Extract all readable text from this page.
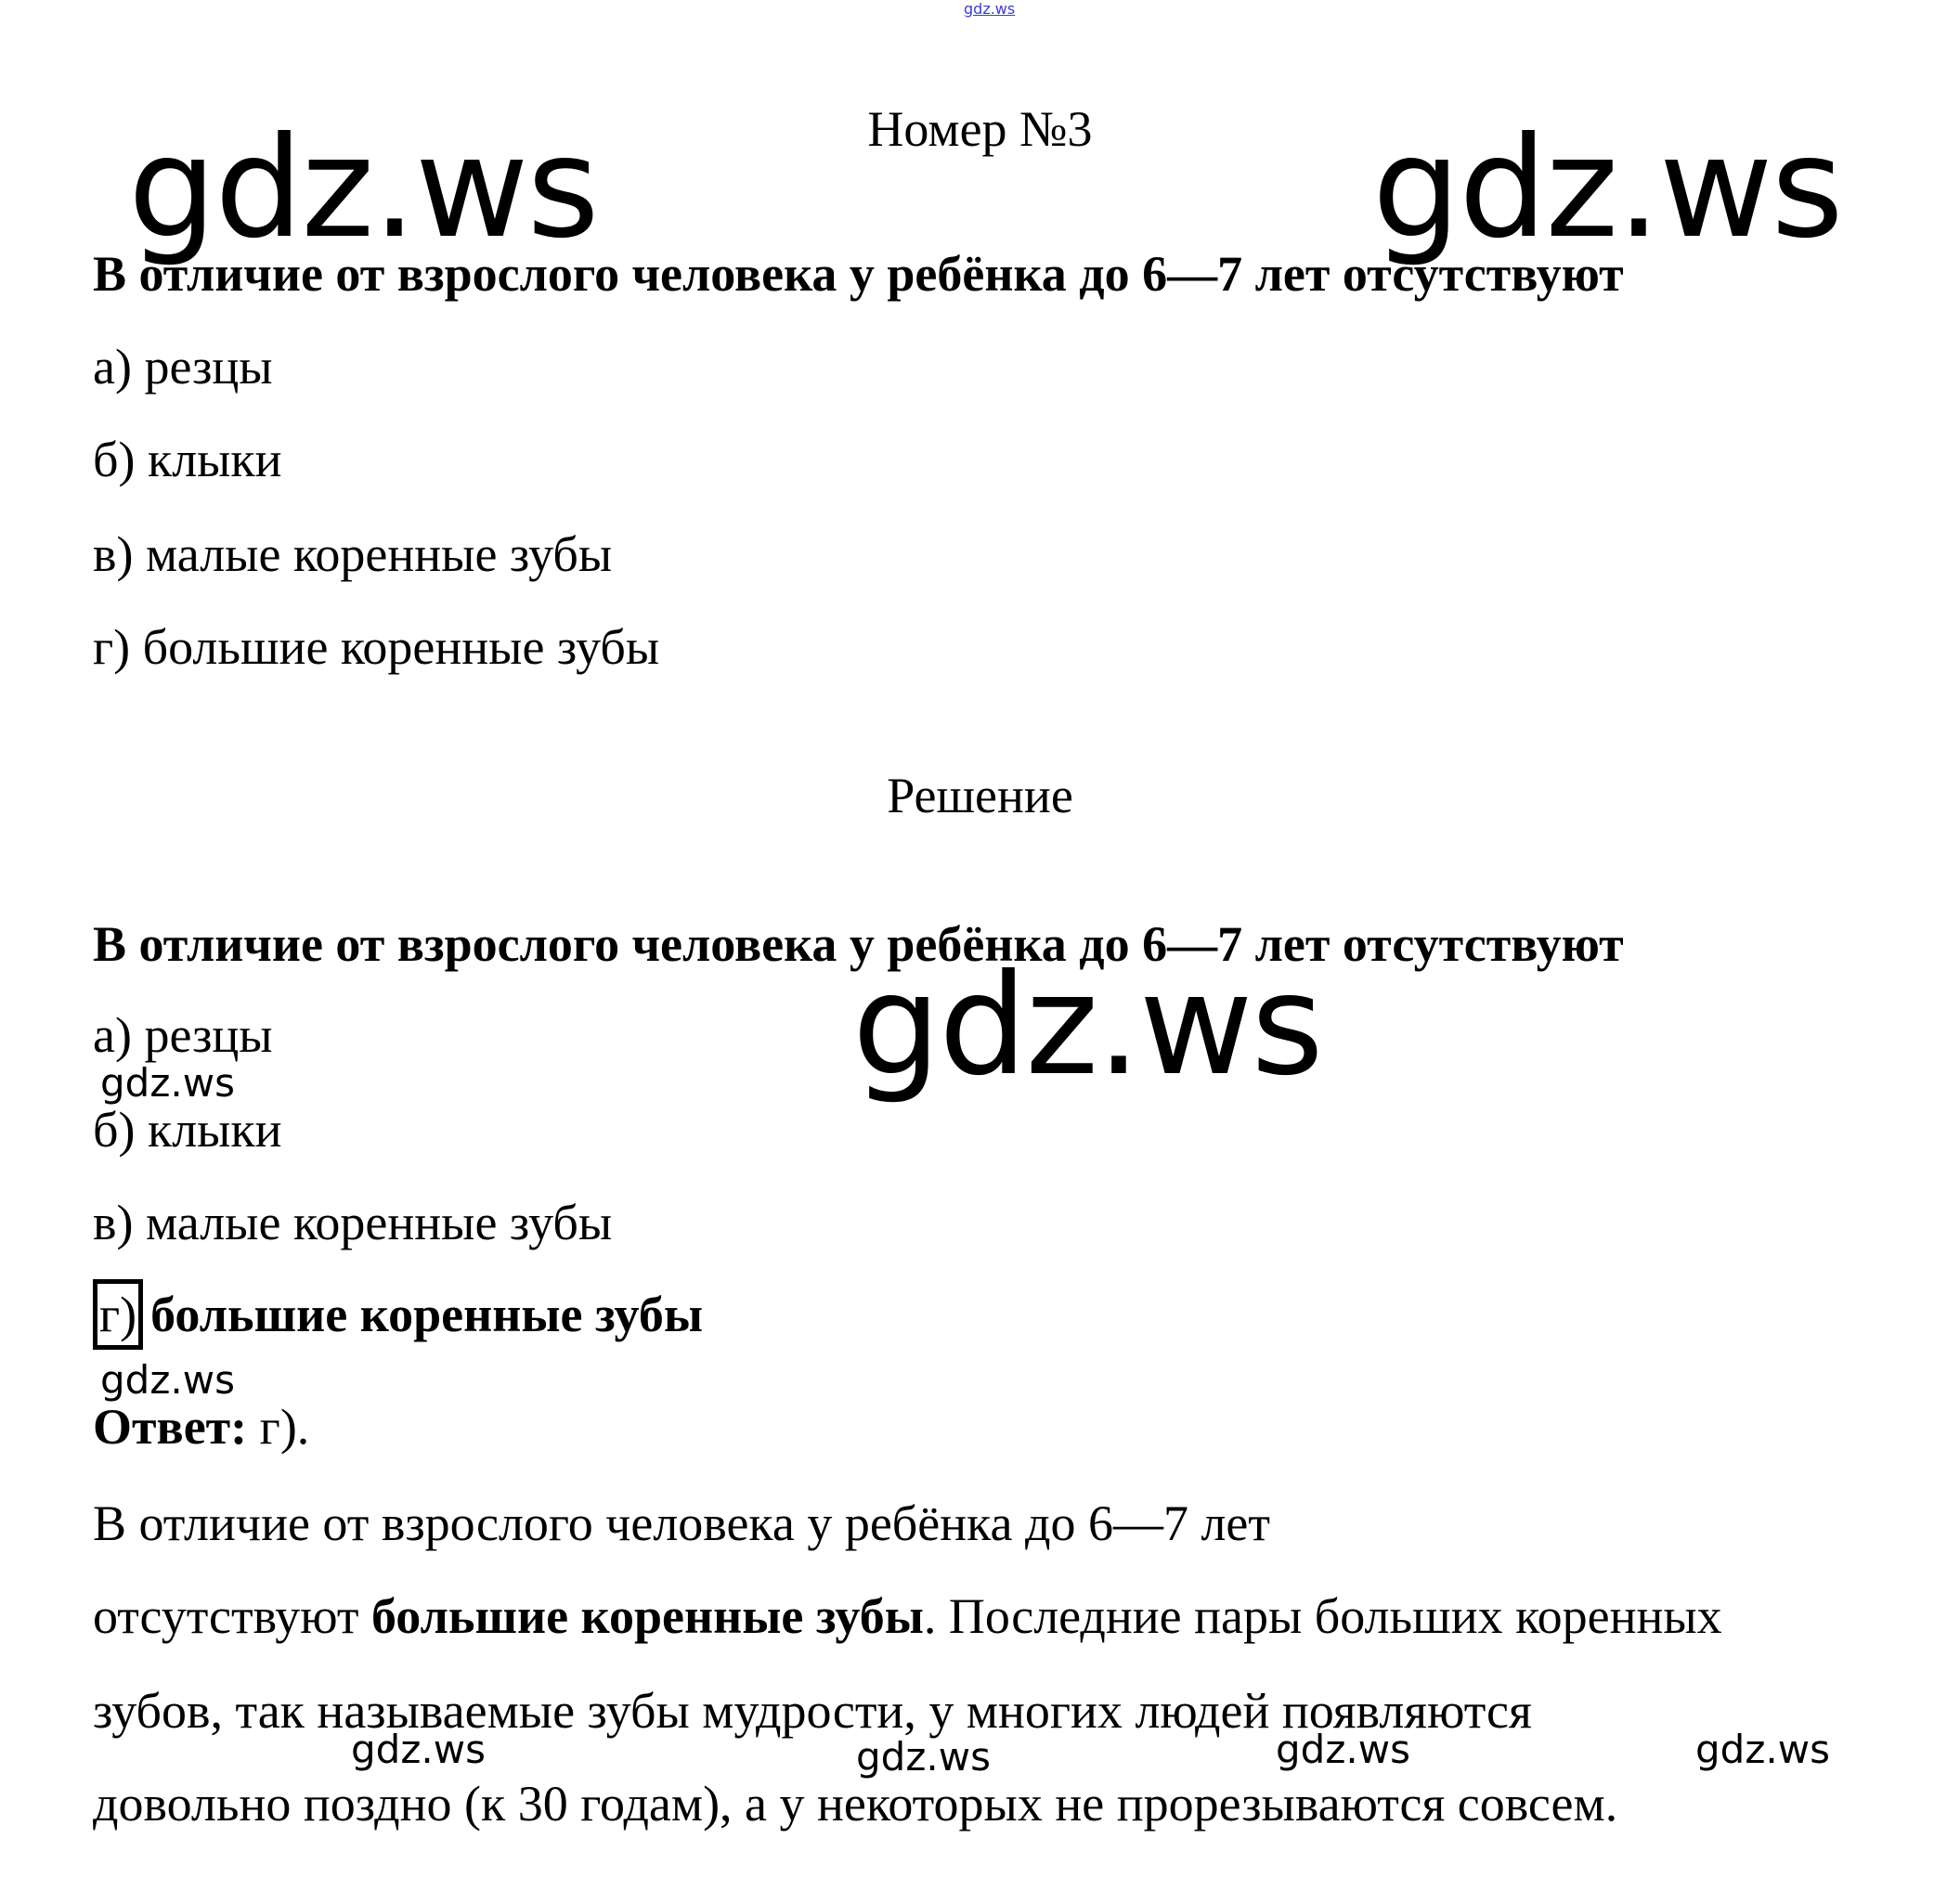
gdz.ws
Номер №3
В отличие от взрослого человека у ребёнка до 6—7 лет отсутствуют
а) резцы
б) клыки
в) малые коренные зубы
г) большие коренные зубы
Решение
В отличие от взрослого человека у ребёнка до 6—7 лет отсутствуют
а) резцы
б) клыки
в) малые коренные зубы
г) большие коренные зубы
Ответ: г).
В отличие от взрослого человека у ребёнка до 6—7 лет
отсутствуют большие коренные зубы. Последние пары больших коренных
зубов, так называемые зубы мудрости, у многих людей появляются
довольно поздно (к 30 годам), а у некоторых не прорезываются совсем.
gdz.ws	gdz.ws
gdz.ws
gdz.ws
gdz.ws
gdz.ws	gdz.ws	gdz.ws	gdz.ws
